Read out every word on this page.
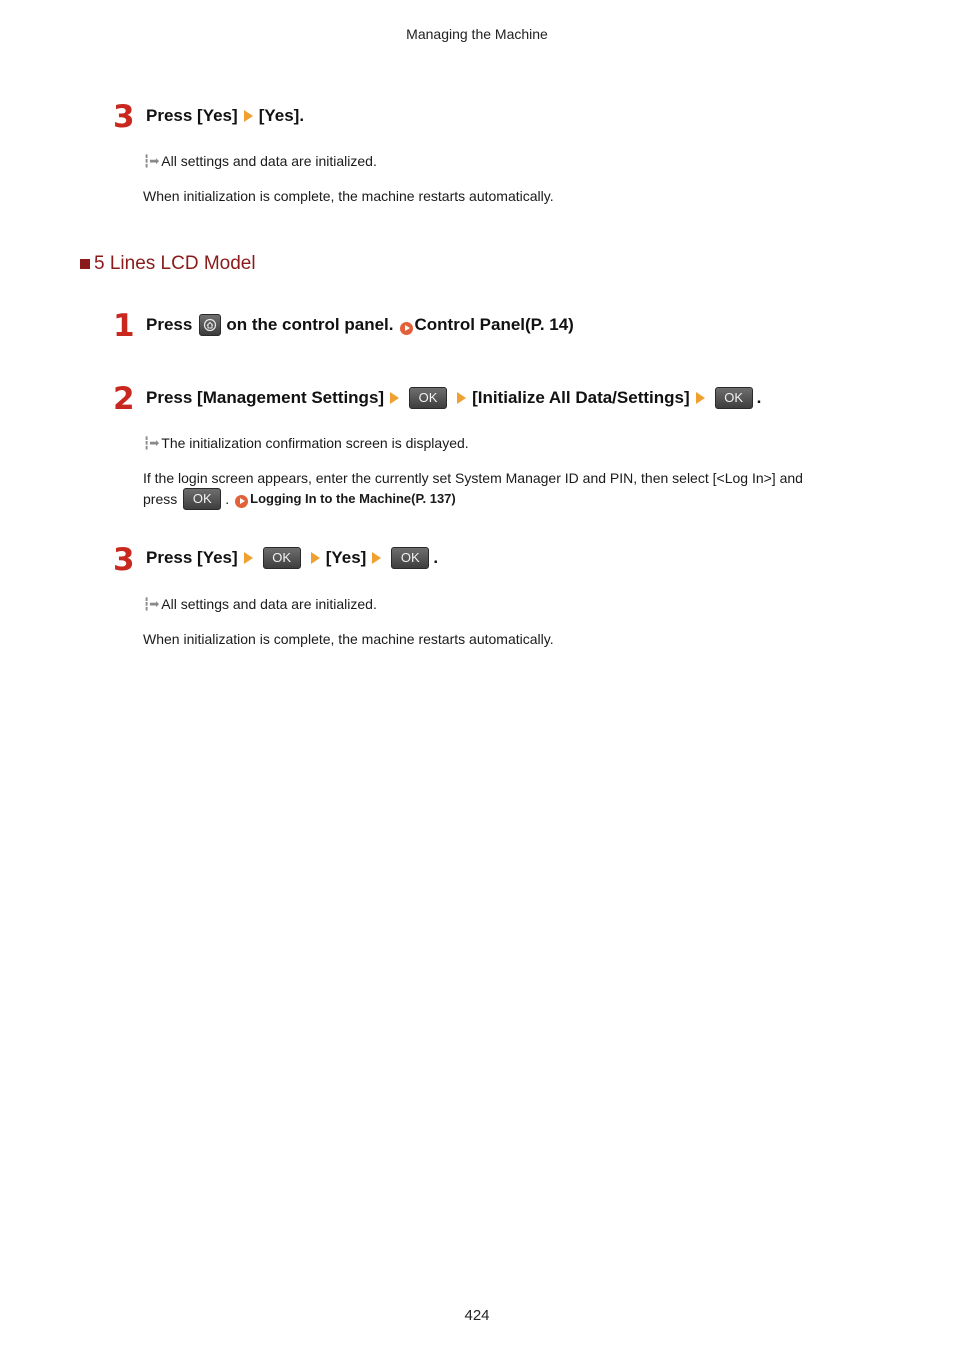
Managing the Machine
3 Press [Yes] [Yes].
┇➡ All settings and data are initialized.
When initialization is complete, the machine restarts automatically.
5 Lines LCD Model
1 Press on the control panel. Control Panel(P. 14)
2 Press [Management Settings]	OK	[Initialize All Data/Settings]	OK .
┇➡ The initialization confirmation screen is displayed.
If the login screen appears, enter the currently set System Manager ID and PIN, then select [<Log In>] and
press	OK . Logging In to the Machine(P. 137)
3 Press [Yes]	OK	[Yes]	OK .
┇➡ All settings and data are initialized.
When initialization is complete, the machine restarts automatically.
424
